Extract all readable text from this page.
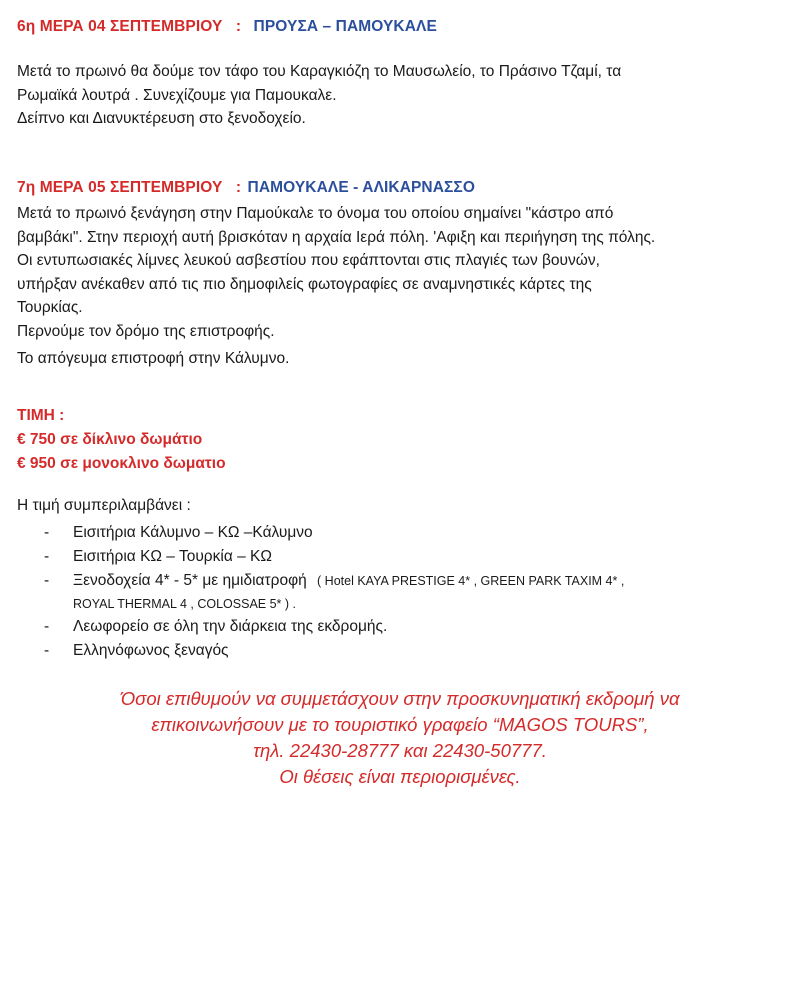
6η ΜΕΡΑ 04 ΣΕΠΤΕΜΒΡΙΟΥ : ΠΡΟΥΣΑ – ΠΑΜΟΥΚΑΛΕ
Μετά το πρωινό θα δούμε τον τάφο του Καραγκιόζη το Μαυσωλείο, το Πράσινο Τζαμί, τα
Ρωμαϊκά λουτρά . Συνεχίζουμε για Παμουκαλε.
Δείπνο και Διανυκτέρευση στο ξενοδοχείο.
7η ΜΕΡΑ 05 ΣΕΠΤΕΜΒΡΙΟΥ : ΠΑΜΟΥΚΑΛΕ - ΑΛΙΚΑΡΝΑΣΣΟ
Μετά το πρωινό ξενάγηση στην Παμούκαλε το όνομα του οποίου σημαίνει "κάστρο από
βαμβάκι". Στην περιοχή αυτή βρισκόταν η αρχαία Ιερά πόλη. 'Αφιξη και περιήγηση της πόλης.
Οι εντυπωσιακές λίμνες λευκού ασβεστίου που εφάπτονται στις πλαγιές των βουνών,
υπήρξαν ανέκαθεν από τις πιο δημοφιλείς φωτογραφίες σε αναμνηστικές κάρτες της
Τουρκίας.
Περνούμε τον δρόμο της επιστροφής.
Το απόγευμα επιστροφή στην Κάλυμνο.
ΤΙΜΗ :
€ 750 σε δίκλινο δωμάτιο
€ 950 σε μονοκλινο δωματιο
Η τιμή συμπεριλαμβάνει :
- Εισιτήρια Κάλυμνο – ΚΩ –Κάλυμνο
- Εισιτήρια ΚΩ – Τουρκία – ΚΩ
- Ξενοδοχεία 4* - 5* με ημιδιατροφή ( Hotel KAYA PRESTIGE 4* , GREEN PARK TAXIM 4* ,
ROYAL THERMAL 4 , COLOSSAE 5* ) .
- Λεωφορείο σε όλη την διάρκεια της εκδρομής.
- Ελληνόφωνος ξεναγός
Όσοι επιθυμούν να συμμετάσχουν στην προσκυνηματική εκδρομή να
επικοινωνήσουν με το τουριστικό γραφείο “MAGOS TOURS”,
τηλ. 22430-28777 και 22430-50777.
Οι θέσεις είναι περιορισμένες.
